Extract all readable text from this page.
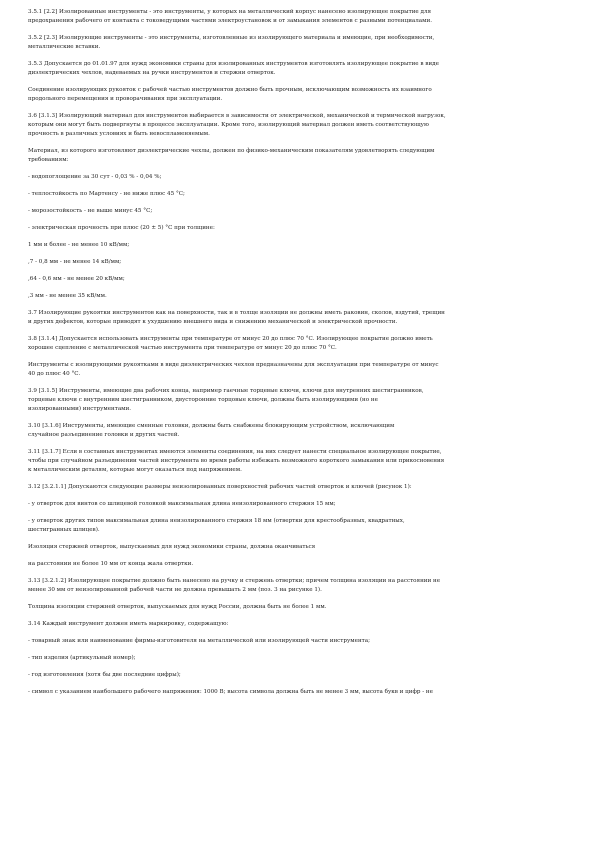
3.5.1 [2.2] Изолированные инструменты - это инструменты, у которых на металлический корпус нанесено изолирующее покрытие для
предохранения рабочего от контакта с токоведущими частями электроустановок и от замыкания элементов с разными потенциалами.
3.5.2 [2.3] Изолирующие инструменты - это инструменты, изготовленные из изолирующего материала и имеющие, при необходимости,
металлические вставки.
3.5.3 Допускается до 01.01.97 для нужд экономики страны для изолированных инструментов изготовлять изолирующее покрытие в виде
диэлектрических чехлов, надеваемых на ручки инструментов и стержни отверток.
Соединение изолирующих рукояток с рабочей частью инструментов должно быть прочным, исключающим возможность их взаимного
продольного перемещения и проворачивания при эксплуатации.
3.6 [3.1.3] Изолирующий материал для инструментов выбирается в зависимости от электрической, механической и термической нагрузок,
которым они могут быть подвергнуты в процессе эксплуатации. Кроме того, изолирующий материал должен иметь соответствующую
прочность в различных условиях и быть невоспламеняемым.
Материал, из которого изготовляют диэлектрические чехлы, должен по физико-механическим показателям удовлетворять следующим
требованиям:
- водопоглощение за 30 сут - 0,03 % - 0,04 %;
- теплостойкость по Мартенсу - не ниже плюс 45 °С;
- морозостойкость - не выше минус 45 °С;
- электрическая прочность при плюс (20 ± 5) °С при толщине:
1 мм и более - не менее 10 кВ/мм;
,7 - 0,8 мм - не менее 14 кВ/мм;
,64 - 0,6 мм - не менее 20 кВ/мм;
,3 мм - не менее 35 кВ/мм.
3.7 Изолирующие рукоятки инструментов как на поверхности, так и в толще изоляции не должны иметь раковин, сколов, вздутий, трещин
и других дефектов, которые приводят к ухудшению внешнего вида и снижению механической и электрической прочности.
3.8 [3.1.4] Допускается использовать инструменты при температуре от минус 20 до плюс 70 °С. Изолирующее покрытие должно иметь
хорошее сцепление с металлической частью инструмента при температуре от минус 20 до плюс 70 °С.
Инструменты с изолирующими рукоятками в виде диэлектрических чехлов предназначены для эксплуатации при температуре от минус
40 до плюс 40 °С.
3.9 [3.1.5] Инструменты, имеющие два рабочих конца, например гаечные торцевые ключи, ключи для внутренних шестигранников,
торцевые ключи с внутренним шестигранником, двусторонние торцовые ключи, должны быть изолирующими (но не
изолированными) инструментами.
3.10 [3.1.6] Инструменты, имеющие сменные головки, должны быть снабжены блокирующим устройством, исключающим
случайное разъединение головки и других частей.
3.11 [3.1.7] Если в составных инструментах имеются элементы соединения, на них следует нанести специальное изолирующее покрытие,
чтобы при случайном разъединении частей инструмента во время работы избежать возможного короткого замыкания или прикосновения
к металлическим деталям, которые могут оказаться под напряжением.
3.12 [3.2.1.1] Допускаются следующие размеры неизолированных поверхностей рабочих частей отверток и ключей (рисунок 1):
- у отверток для винтов со шлицевой головкой максимальная длина неизолированного стержня 15 мм;
- у отверток других типов максимальная длина неизолированного стержня 18 мм (отвертки для крестообразных, квадратных,
шестигранных шлицев).
Изоляция стержней отверток, выпускаемых для нужд экономики страны, должна оканчиваться
на расстоянии не более 10 мм от конца жала отвертки.
3.13 [3.2.1.2] Изолирующее покрытие должно быть нанесено на ручку и стержень отвертки; причем толщина изоляции на расстоянии не
менее 30 мм от неизолированной рабочей части не должна превышать 2 мм (поз. 3 на рисунке 1).
Толщина изоляции стержней отверток, выпускаемых для нужд России, должна быть не более 1 мм.
3.14 Каждый инструмент должен иметь маркировку, содержащую:
- товарный знак или наименование фирмы-изготовителя на металлической или изолирующей части инструмента;
- тип изделия (артикульный номер);
- год изготовления (хотя бы две последние цифры);
- символ с указанием наибольшего рабочего напряжения: 1000 В; высота символа должна быть не менее 3 мм, высота букв и цифр - не
